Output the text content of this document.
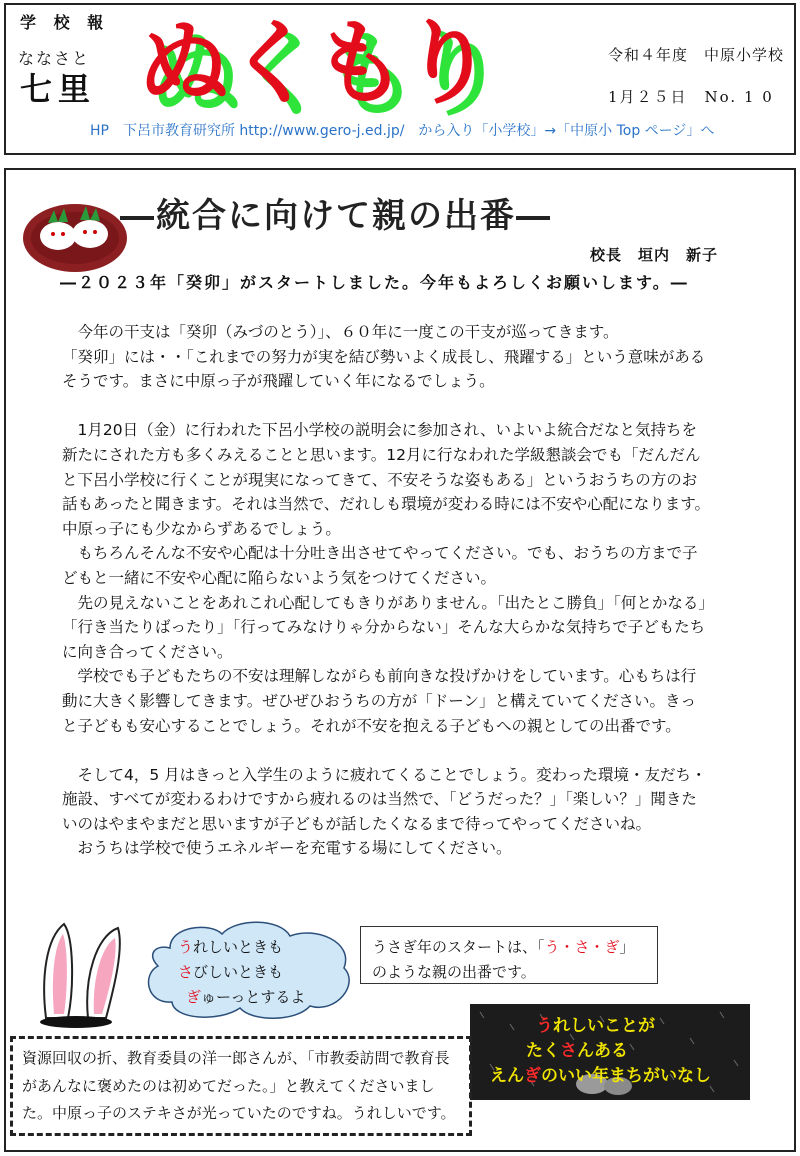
学 校 報
ななさと
七里 ぬくもり	令和４年度　中原小学校
1月２５日　No. 1 0
HP　下呂市教育研究所 http://www.gero-j.ed.jp/　から入り「小学校」→「中原小 Top ページ」へ
―統合に向けて親の出番―
校長　垣内　新子
―２０２３年「癸卯」がスタートしました。今年もよろしくお願いします。―

　今年の干支は「癸卯（みづのとう）」、６０年に一度この干支が巡ってきます。

「癸卯」には・・「これまでの努力が実を結び勢いよく成長し、飛躍する」という意味がある

そうです。まさに中原っ子が飛躍していく年になるでしょう。

　1月20日（金）に行われた下呂小学校の説明会に参加され、いよいよ統合だなと気持ちを

新たにされた方も多くみえることと思います。12月に行なわれた学級懇談会でも「だんだん

と下呂小学校に行くことが現実になってきて、不安そうな姿もある」というおうちの方のお

話もあったと聞きます。それは当然で、だれしも環境が変わる時には不安や心配になります。

中原っ子にも少なからずあるでしょう。

　もちろんそんな不安や心配は十分吐き出させてやってください。でも、おうちの方まで子

どもと一緒に不安や心配に陥らないよう気をつけてください。

　先の見えないことをあれこれ心配してもきりがありません。「出たとこ勝負」「何とかなる」

「行き当たりばったり」「行ってみなけりゃ分からない」そんな大らかな気持ちで子どもたち

に向き合ってください。

　学校でも子どもたちの不安は理解しながらも前向きな投げかけをしています。心もちは行

動に大きく影響してきます。ぜひぜひおうちの方が「ドーン」と構えていてください。きっ

と子どもも安心することでしょう。それが不安を抱える子どもへの親としての出番です。

　そして4，5 月はきっと入学生のように疲れてくることでしょう。変わった環境・友だち・

施設、すべてが変わるわけですから疲れるのは当然で、「どうだった？」「楽しい？」聞きた

いのはやまやまだと思いますが子どもが話したくなるまで待ってやってくださいね。

　おうちは学校で使うエネルギーを充電する場にしてください。

うれしいときも
さびしいときも
ぎゅーっとするよ
うさぎ年のスタートは、「う・さ・ぎ」
のような親の出番です。
うれしいことが
たくさんある
えんぎのいい年まちがいなし

資源回収の折、教育委員の洋一郎さんが、「市教委訪問で教育長

があんなに褒めたのは初めてだった。」と教えてくださいまし

た。中原っ子のステキさが光っていたのですね。うれしいです。
